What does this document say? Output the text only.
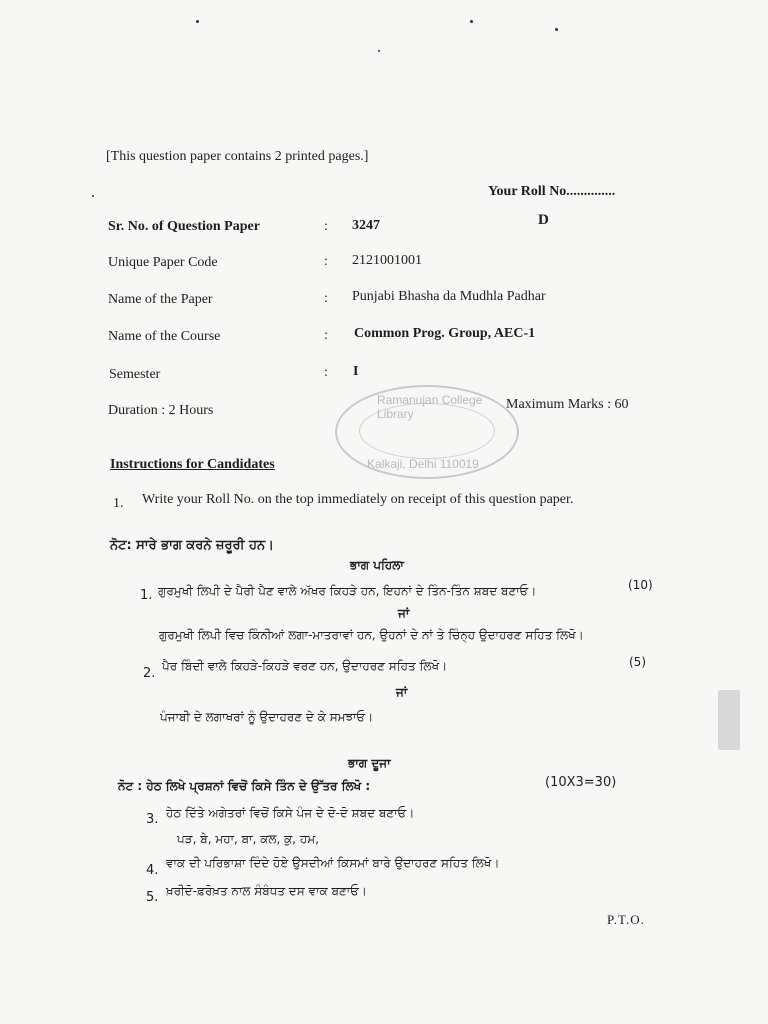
[This question paper contains 2 printed pages.]
Your Roll No..............
D
Sr. No. of Question Paper	: 3247
Unique Paper Code	: 2121001001
Name of the Paper	: Punjabi Bhasha da Mudhla Padhar
Name of the Course	: Common Prog. Group, AEC-1
Semester	: I
Duration : 2 Hours	Maximum Marks : 60
Ramanujan College Library
Kalkaji, Delhi 110019
Instructions for Candidates
1. Write your Roll No. on the top immediately on receipt of this question paper.
ਨੋਟ: ਸਾਰੇ ਭਾਗ ਕਰਨੇ ਜ਼ਰੂਰੀ ਹਨ।
ਭਾਗ ਪਹਿਲਾ
1. ਗੁਰਮੁਖੀ ਲਿਪੀ ਦੇ ਪੈਰੀ ਪੈਣ ਵਾਲੇ ਅੱਖਰ ਕਿਹੜੇ ਹਨ, ਇਹਨਾਂ ਦੇ ਤਿੰਨ-ਤਿੰਨ ਸ਼ਬਦ ਬਣਾਓ।	(10)
ਜਾਂ
ਗੁਰਮੁਖੀ ਲਿਪੀ ਵਿਚ ਕਿੰਨੀਆਂ ਲਗਾ-ਮਾਤਰਾਵਾਂ ਹਨ, ਉਹਨਾਂ ਦੇ ਨਾਂ ਤੇ ਚਿੰਨ੍ਹ ਉਦਾਹਰਣ ਸਹਿਤ ਲਿਖੋ।
2. ਪੈਰ ਬਿੰਦੀ ਵਾਲੇ ਕਿਹੜੇ-ਕਿਹੜੇ ਵਰਣ ਹਨ, ਉਦਾਹਰਣ ਸਹਿਤ ਲਿਖੋ।	(5)
ਜਾਂ
ਪੰਜਾਬੀ ਦੇ ਲਗਾਖਰਾਂ ਨੂੰ ਉਦਾਹਰਣ ਦੇ ਕੇ ਸਮਝਾਓ।
ਭਾਗ ਦੂਜਾ
ਨੋਟ : ਹੇਠ ਲਿਖੇ ਪ੍ਰਸ਼ਨਾਂ ਵਿਚੋਂ ਕਿਸੇ ਤਿੰਨ ਦੇ ਉੱਤਰ ਲਿਖੋ :	(10X3=30)
3. ਹੇਠ ਦਿੱਤੇ ਅਗੇਤਰਾਂ ਵਿਚੋਂ ਕਿਸੇ ਪੰਜ ਦੇ ਦੋ-ਦੋ ਸ਼ਬਦ ਬਣਾਓ।
ਪੜ, ਬੇ, ਮਹਾ, ਬਾ, ਕਲ, ਕੁ, ਹਮ,
4. ਵਾਕ ਦੀ ਪਰਿਭਾਸ਼ਾ ਦਿੰਦੇ ਹੋਏ ਉਸਦੀਆਂ ਕਿਸਮਾਂ ਬਾਰੇ ਉਦਾਹਰਣ ਸਹਿਤ ਲਿਖੋ।
5. ਖ਼ਰੀਦੋ-ਫ਼ਰੋਖ਼ਤ ਨਾਲ ਸੰਬੰਧਤ ਦਸ ਵਾਕ ਬਣਾਓ।
P.T.O.
